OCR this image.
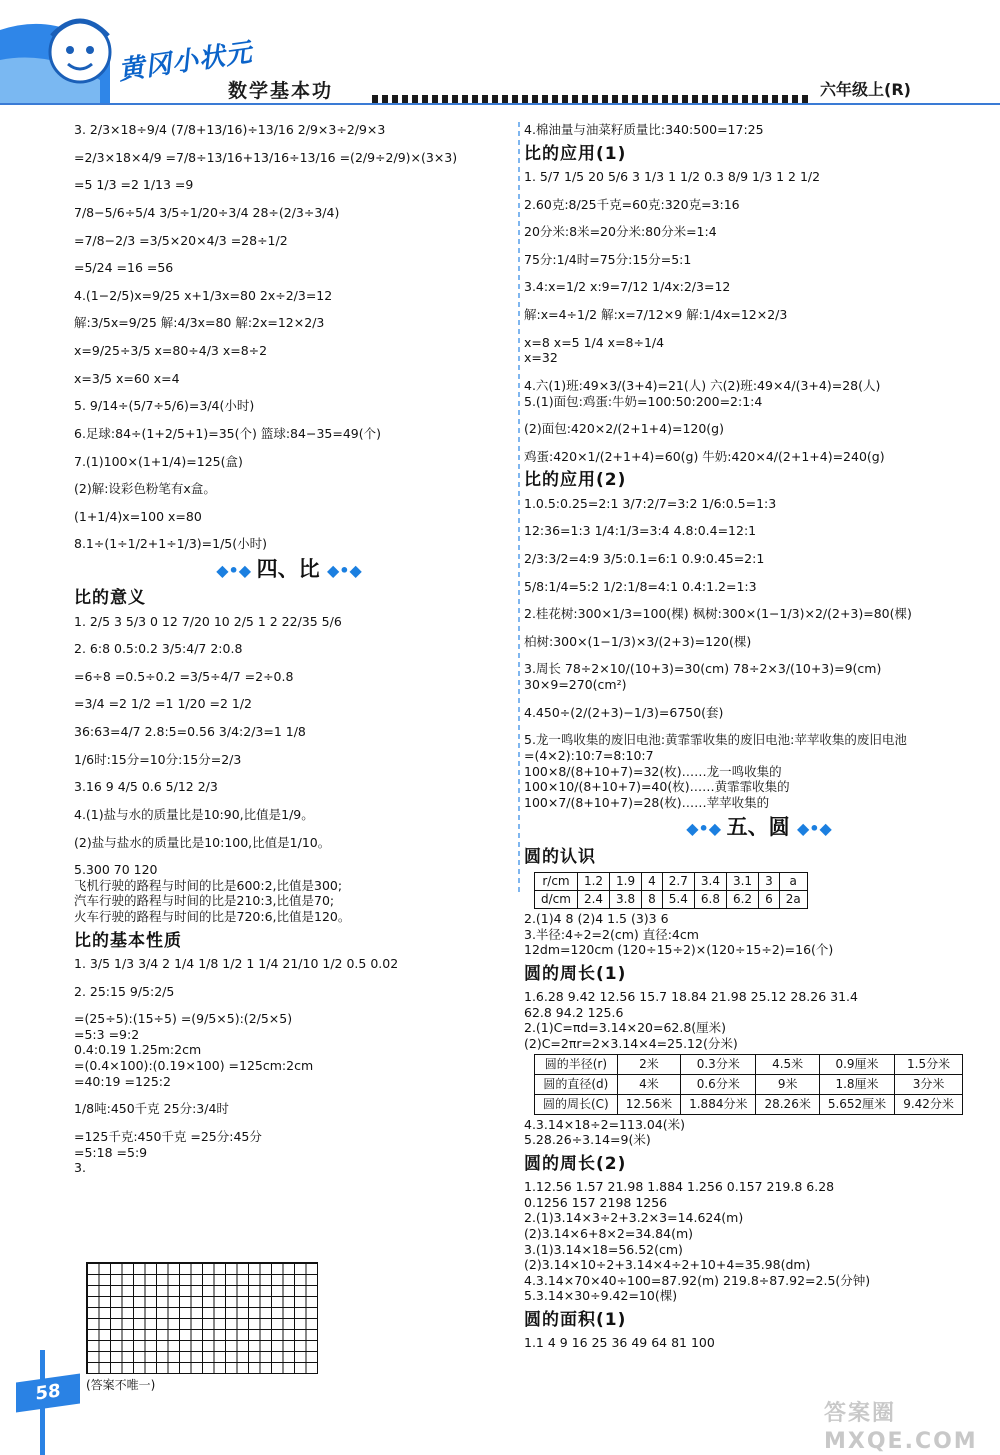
黄冈小状元
数学基本功	六年级上(R)
3. 2/3×18÷9/4 (7/8+13/16)÷13/16 2/9×3÷2/9×3
=2/3×18×4/9 =7/8÷13/16+13/16÷13/16 =(2/9÷2/9)×(3×3)
=5 1/3 =2 1/13 =9
7/8−5/6÷5/4 3/5÷1/20÷3/4 28÷(2/3÷3/4)
=7/8−2/3 =3/5×20×4/3 =28÷1/2
=5/24 =16 =56
4.(1−2/5)x=9/25 x+1/3x=80 2x÷2/3=12
解:3/5x=9/25 解:4/3x=80 解:2x=12×2/3
x=9/25÷3/5 x=80÷4/3 x=8÷2
x=3/5 x=60 x=4
5. 9/14÷(5/7÷5/6)=3/4(小时)
6.足球:84÷(1+2/5+1)=35(个) 篮球:84−35=49(个)
7.(1)100×(1+1/4)=125(盒)
(2)解:设彩色粉笔有x盒。
(1+1/4)x=100 x=80
8.1÷(1÷1/2+1÷1/3)=1/5(小时)
◆•◆ 四、比 ◆•◆
比的意义
1. 2/5 3 5/3 0 12 7/20 10 2/5 1 2 22/35 5/6
2. 6:8 0.5:0.2 3/5:4/7 2:0.8
=6÷8 =0.5÷0.2 =3/5÷4/7 =2÷0.8
=3/4 =2 1/2 =1 1/20 =2 1/2
36:63=4/7 2.8:5=0.56 3/4:2/3=1 1/8
1/6时:15分=10分:15分=2/3
3.16 9 4/5 0.6 5/12 2/3
4.(1)盐与水的质量比是10:90,比值是1/9。
(2)盐与盐水的质量比是10:100,比值是1/10。
5.300 70 120
飞机行驶的路程与时间的比是600:2,比值是300;
汽车行驶的路程与时间的比是210:3,比值是70;
火车行驶的路程与时间的比是720:6,比值是120。
比的基本性质
1. 3/5 1/3 3/4 2 1/4 1/8 1/2 1 1/4 21/10 1/2 0.5 0.02
2. 25:15 9/5:2/5
=(25÷5):(15÷5) =(9/5×5):(2/5×5)
=5:3 =9:2
0.4:0.19 1.25m:2cm
=(0.4×100):(0.19×100) =125cm:2cm
=40:19 =125:2
1/8吨:450千克 25分:3/4时
=125千克:450千克 =25分:45分
=5:18 =5:9
3.
(答案不唯一)
4.棉油量与油菜籽质量比:340:500=17:25
比的应用(1)
1. 5/7 1/5 20 5/6 3 1/3 1 1/2 0.3 8/9 1/3 1 2 1/2
2.60克:8/25千克=60克:320克=3:16
20分米:8米=20分米:80分米=1:4
75分:1/4时=75分:15分=5:1
3.4:x=1/2 x:9=7/12 1/4x:2/3=12
解:x=4÷1/2 解:x=7/12×9 解:1/4x=12×2/3
x=8 x=5 1/4 x=8÷1/4
x=32
4.六(1)班:49×3/(3+4)=21(人) 六(2)班:49×4/(3+4)=28(人)
5.(1)面包:鸡蛋:牛奶=100:50:200=2:1:4
(2)面包:420×2/(2+1+4)=120(g)
鸡蛋:420×1/(2+1+4)=60(g) 牛奶:420×4/(2+1+4)=240(g)
比的应用(2)
1.0.5:0.25=2:1 3/7:2/7=3:2 1/6:0.5=1:3
12:36=1:3 1/4:1/3=3:4 4.8:0.4=12:1
2/3:3/2=4:9 3/5:0.1=6:1 0.9:0.45=2:1
5/8:1/4=5:2 1/2:1/8=4:1 0.4:1.2=1:3
2.桂花树:300×1/3=100(棵) 枫树:300×(1−1/3)×2/(2+3)=80(棵)
柏树:300×(1−1/3)×3/(2+3)=120(棵)
3.周长 78÷2×10/(10+3)=30(cm) 78÷2×3/(10+3)=9(cm)
30×9=270(cm²)
4.450÷(2/(2+3)−1/3)=6750(套)
5.龙一鸣收集的废旧电池:黄霏霏收集的废旧电池:苹苹收集的废旧电池
=(4×2):10:7=8:10:7
100×8/(8+10+7)=32(枚)……龙一鸣收集的
100×10/(8+10+7)=40(枚)……黄霏霏收集的
100×7/(8+10+7)=28(枚)……苹苹收集的
◆•◆ 五、圆 ◆•◆
圆的认识
r/cm	1.2	1.9	4	2.7	3.4	3.1	3	a
d/cm	2.4	3.8	8	5.4	6.8	6.2	6	2a
2.(1)4 8 (2)4 1.5 (3)3 6
3.半径:4÷2=2(cm) 直径:4cm
12dm=120cm (120÷15÷2)×(120÷15÷2)=16(个)
圆的周长(1)
1.6.28 9.42 12.56 15.7 18.84 21.98 25.12 28.26 31.4
62.8 94.2 125.6
2.(1)C=πd=3.14×20=62.8(厘米)
(2)C=2πr=2×3.14×4=25.12(分米)
圆的半径(r)	2米	0.3分米	4.5米	0.9厘米	1.5分米
圆的直径(d)	4米	0.6分米	9米	1.8厘米	3分米
圆的周长(C)	12.56米	1.884分米	28.26米	5.652厘米	9.42分米
4.3.14×18÷2=113.04(米)
5.28.26÷3.14=9(米)
圆的周长(2)
1.12.56 1.57 21.98 1.884 1.256 0.157 219.8 6.28
0.1256 157 2198 1256
2.(1)3.14×3÷2+3.2×3=14.624(m)
(2)3.14×6+8×2=34.84(m)
3.(1)3.14×18=56.52(cm)
(2)3.14×10÷2+3.14×4÷2+10+4=35.98(dm)
4.3.14×70×40÷100=87.92(m) 219.8÷87.92=2.5(分钟)
5.3.14×30÷9.42=10(棵)
圆的面积(1)
1.1 4 9 16 25 36 49 64 81 100
58
答案圈 MXQE.COM
